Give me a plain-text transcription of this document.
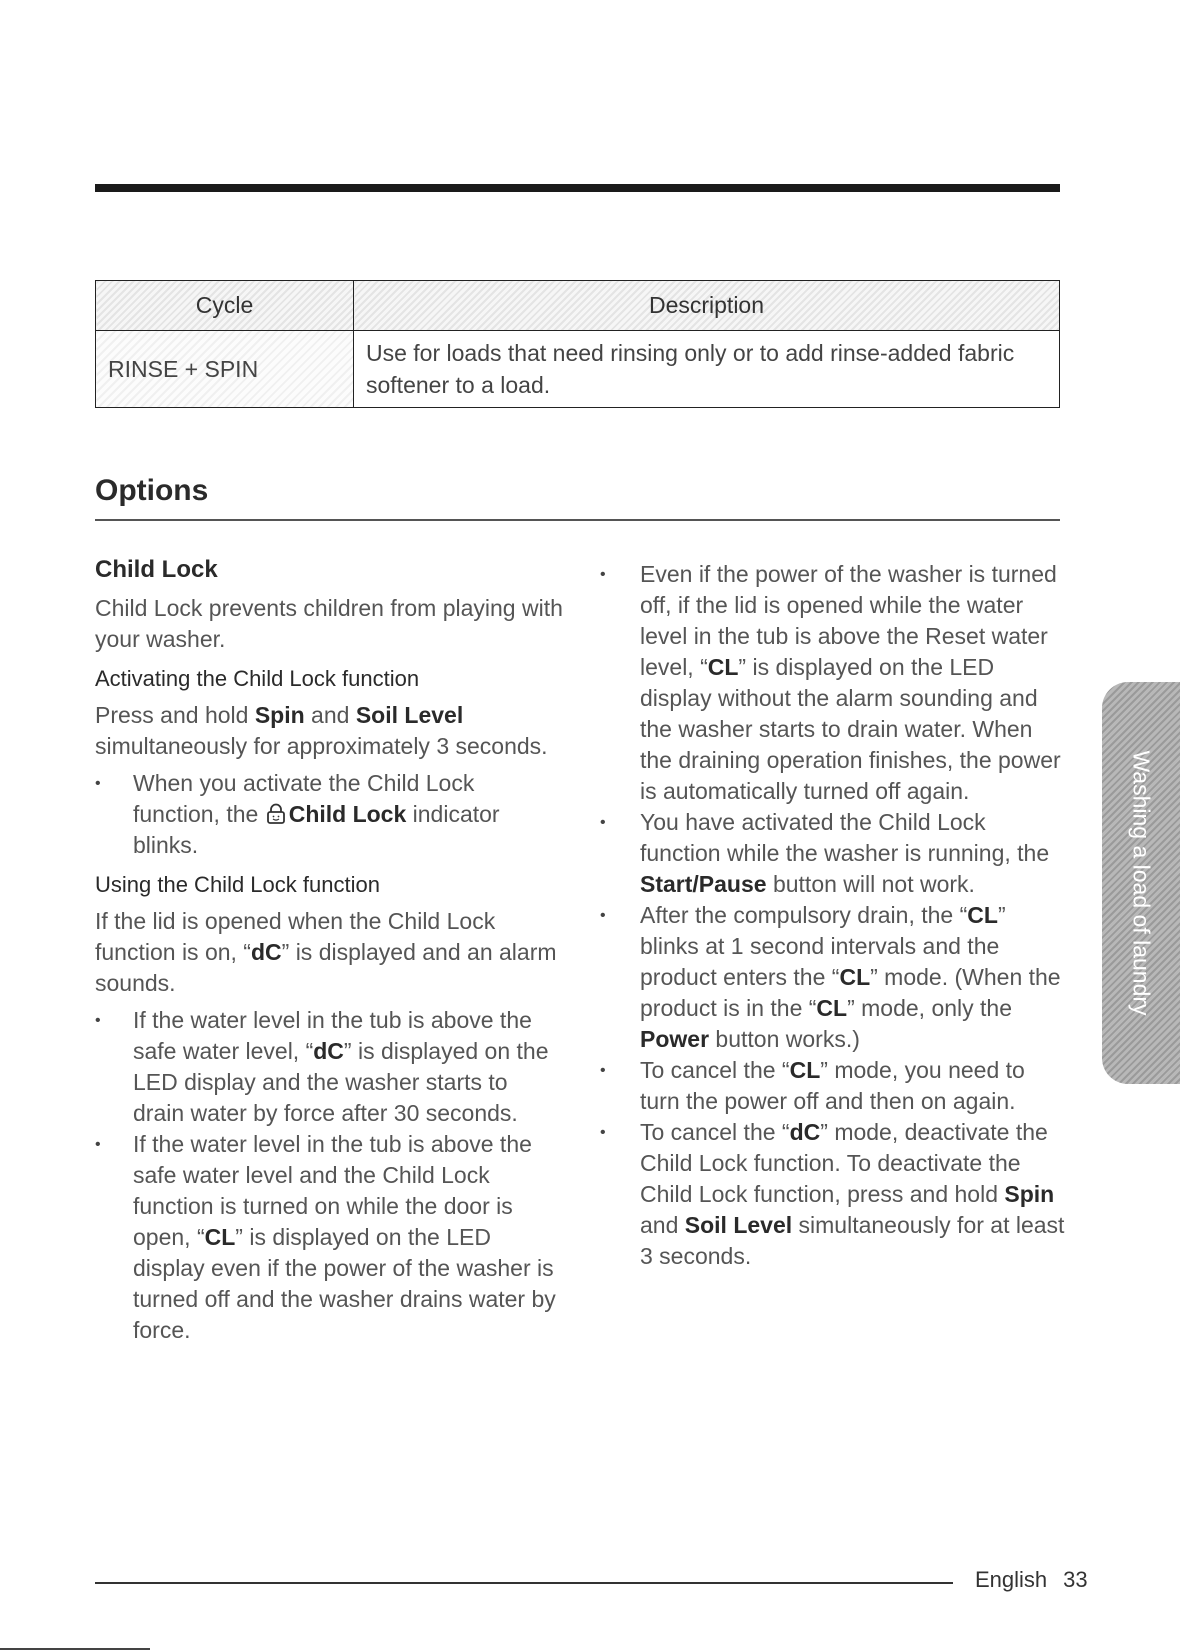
Cycle	Description
RINSE + SPIN	Use for loads that need rinsing only or to add rinse-added fabric softener to a load.
Options
Child Lock

Child Lock prevents children from playing with your washer.

Activating the Child Lock function

Press and hold Spin and Soil Level simultaneously for approximately 3 seconds.

• When you activate the Child Lock function, the Child Lock indicator blinks.
Using the Child Lock function

If the lid is opened when the Child Lock function is on, “dC” is displayed and an alarm sounds.

• If the water level in the tub is above the safe water level, “dC” is displayed on the LED display and the washer starts to drain water by force after 30 seconds.
• If the water level in the tub is above the safe water level and the Child Lock function is turned on while the door is open, “CL” is displayed on the LED display even if the power of the washer is turned off and the washer drains water by force.
• Even if the power of the washer is turned off, if the lid is opened while the water level in the tub is above the Reset water level, “CL” is displayed on the LED display without the alarm sounding and the washer starts to drain water. When the draining operation finishes, the power is automatically turned off again.
• You have activated the Child Lock function while the washer is running, the Start/Pause button will not work.
• After the compulsory drain, the “CL” blinks at 1 second intervals and the product enters the “CL” mode. (When the product is in the “CL” mode, only the Power button works.)
• To cancel the “CL” mode, you need to turn the power off and then on again.
• To cancel the “dC” mode, deactivate the Child Lock function. To deactivate the Child Lock function, press and hold Spin and Soil Level simultaneously for at least 3 seconds.
Washing a load of laundry
English 33
